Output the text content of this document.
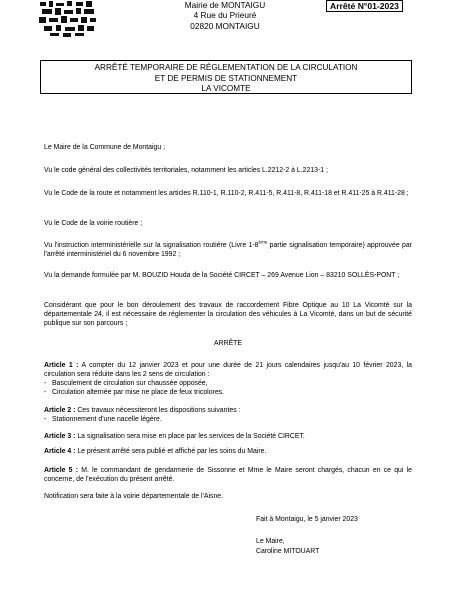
Mairie de MONTAIGU
4 Rue du Prieuré
02820 MONTAIGU
Arrêté N°01-2023
ARRÊTÉ TEMPORAIRE DE RÉGLEMENTATION DE LA CIRCULATION
ET DE PERMIS DE STATIONNEMENT
LA VICOMTE

Le Maire de la Commune de Montaigu ;

Vu le code général des collectivités territoriales, notamment les articles L.2212-2 à L.2213-1 ;

Vu le Code de la route et notamment les articles R.110-1, R.110-2, R.411-5, R.411-8, R.411-18 et R.411-25 à R.411-28 ;

Vu le Code de la voirie routière ;

Vu l'instruction interministérielle sur la signalisation routière (Livre 1-8ème partie signalisation temporaire) approuvée par l'arrêté interministériel du 6 novembre 1992 ;

Vu la demande formulée par M. BOUZID Houda de la Société CIRCET – 269 Avenue Lion – 83210 SOLLÈS-PONT ;

Considérant que pour le bon déroulement des travaux de raccordement Fibre Optique au 10 La Vicomté sur la départementale 24, il est nécessaire de réglementer la circulation des véhicules à La Vicomté, dans un but de sécurité publique sur son parcours ;

ARRÊTE

Article 1 : A compter du 12 janvier 2023 et pour une durée de 21 jours calendaires jusqu'au 10 février 2023, la circulation sera réduite dans les 2 sens de circulation :

-   Basculement de circulation sur chaussée opposée,
-   Circulation alternée par mise ne place de feux tricolores.

Article 2 : Ces travaux nécessiteront les dispositions suivantes :

-   Stationnement d'une nacelle légère.

Article 3 : La signalisation sera mise en place par les services de la Société CIRCET.

Article 4 : Le présent arrêté sera publié et affiché par les soins du Maire.

Article 5 : M. le commandant de gendarmerie de Sissonne et Mme le Maire seront chargés, chacun en ce qui le concerne, de l'exécution du présent arrêté.

Notification sera faite à la voirie départementale de l'Aisne.

Fait à Montaigu, le 5 janvier 2023
Le Maire,
Caroline MITOUART
